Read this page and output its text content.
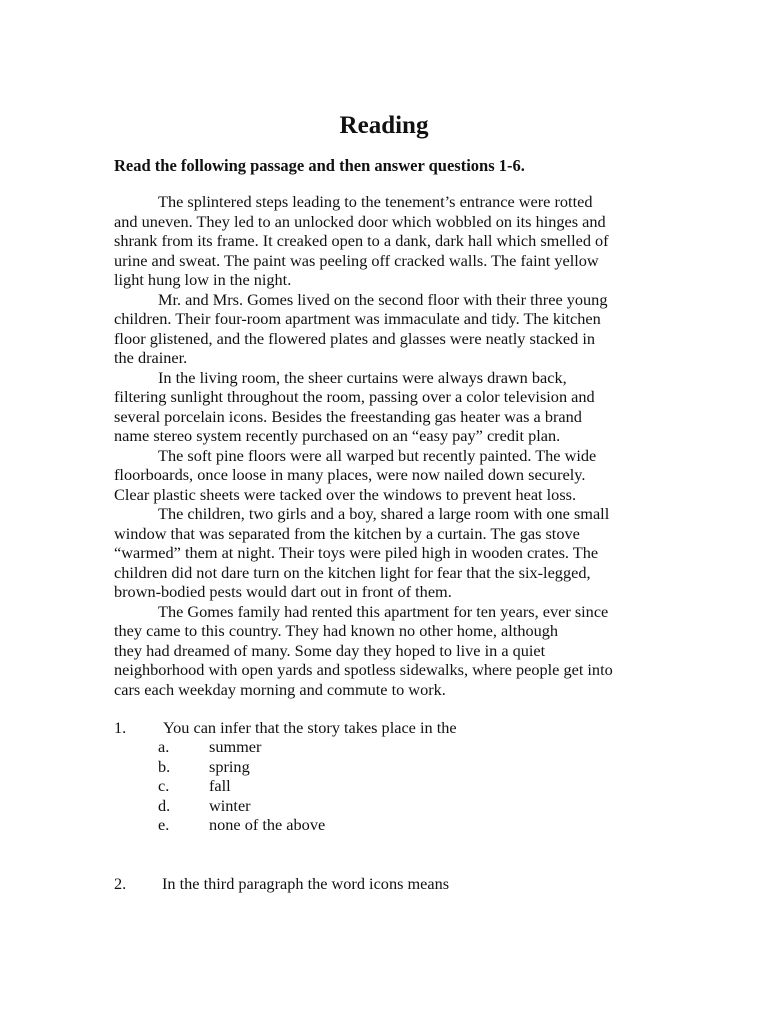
Reading
Read the following passage and then answer questions 1-6.
The splintered steps leading to the tenement’s entrance were rotted
and uneven. They led to an unlocked door which wobbled on its hinges and
shrank from its frame. It creaked open to a dank, dark hall which smelled of
urine and sweat. The paint was peeling off cracked walls. The faint yellow
light hung low in the night.
Mr. and Mrs. Gomes lived on the second floor with their three young
children. Their four-room apartment was immaculate and tidy. The kitchen
floor glistened, and the flowered plates and glasses were neatly stacked in
the drainer.
In the living room, the sheer curtains were always drawn back,
filtering sunlight throughout the room, passing over a color television and
several porcelain icons. Besides the freestanding gas heater was a brand
name stereo system recently purchased on an “easy pay” credit plan.
The soft pine floors were all warped but recently painted. The wide
floorboards, once loose in many places, were now nailed down securely.
Clear plastic sheets were tacked over the windows to prevent heat loss.
The children, two girls and a boy, shared a large room with one small
window that was separated from the kitchen by a curtain. The gas stove
“warmed” them at night. Their toys were piled high in wooden crates. The
children did not dare turn on the kitchen light for fear that the six-legged,
brown-bodied pests would dart out in front of them.
The Gomes family had rented this apartment for ten years, ever since
they came to this country. They had known no other home, although
they had dreamed of many. Some day they hoped to live in a quiet
neighborhood with open yards and spotless sidewalks, where people get into
cars each weekday morning and commute to work.
1. You can infer that the story takes place in the
a. summer
b. spring
c. fall
d. winter
e. none of the above
2. In the third paragraph the word icons means
